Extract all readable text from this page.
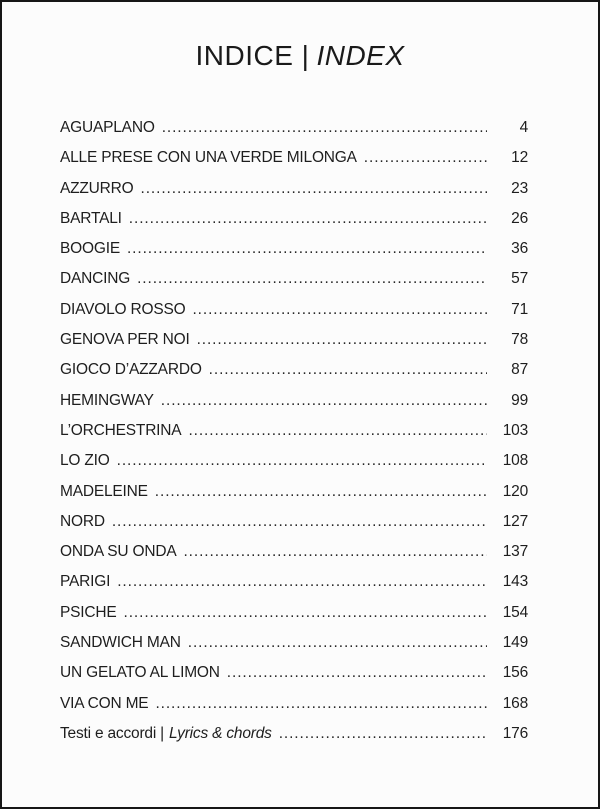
INDICE | INDEX
AGUAPLANO .....	4
ALLE PRESE CON UNA VERDE MILONGA .....	12
AZZURRO .....	23
BARTALI .....	26
BOOGIE .....	36
DANCING .....	57
DIAVOLO ROSSO .....	71
GENOVA PER NOI .....	78
GIOCO D’AZZARDO .....	87
HEMINGWAY .....	99
L’ORCHESTRINA .....	103
LO ZIO .....	108
MADELEINE .....	120
NORD .....	127
ONDA SU ONDA .....	137
PARIGI .....	143
PSICHE .....	154
SANDWICH MAN .....	149
UN GELATO AL LIMON .....	156
VIA CON ME .....	168
Testi e accordi | Lyrics & chords .....	176
